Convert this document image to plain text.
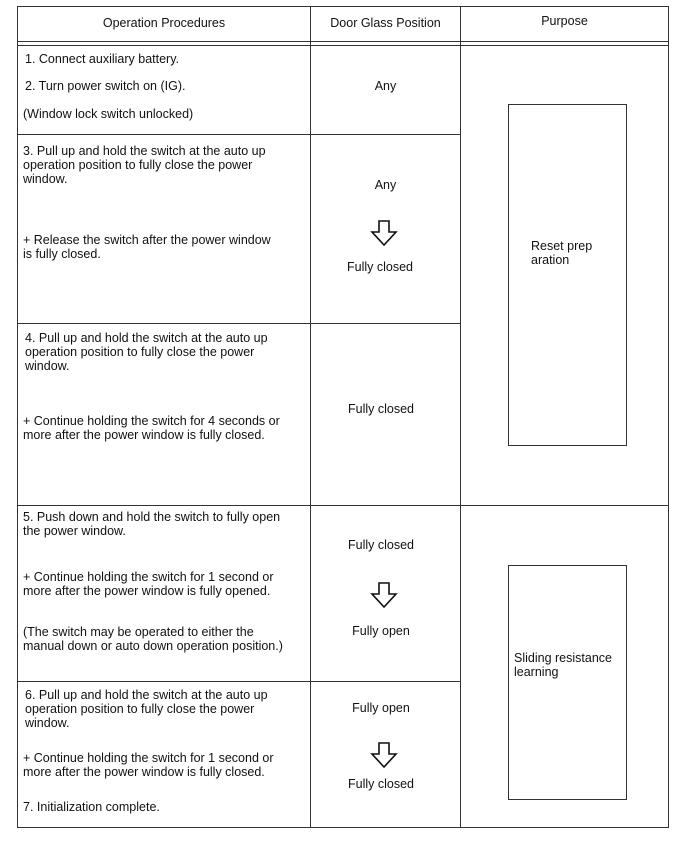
Operation Procedures	Door Glass Position	Purpose
1. Connect auxiliary battery.
2. Turn power switch on (IG).
(Window lock switch unlocked)
Any
3. Pull up and hold the switch at the auto up
operation position to fully close the power
window.
+ Release the switch after the power window
is fully closed.
Any
Fully closed
4. Pull up and hold the switch at the auto up
operation position to fully close the power
window.
+ Continue holding the switch for 4 seconds or
more after the power window is fully closed.
Fully closed
5. Push down and hold the switch to fully open
the power window.
+ Continue holding the switch for 1 second or
more after the power window is fully opened.
(The switch may be operated to either the
manual down or auto down operation position.)
Fully closed
Fully open
6. Pull up and hold the switch at the auto up
operation position to fully close the power
window.
+ Continue holding the switch for 1 second or
more after the power window is fully closed.
7. Initialization complete.
Fully open
Fully closed
Reset prep
aration
Sliding resistance
learning
